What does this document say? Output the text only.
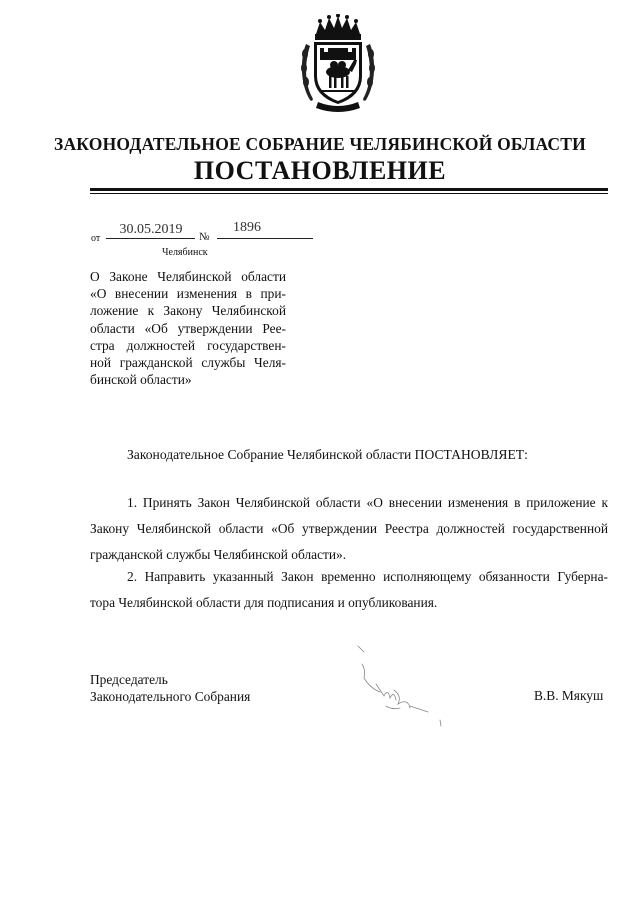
ЗАКОНОДАТЕЛЬНОЕ СОБРАНИЕ ЧЕЛЯБИНСКОЙ ОБЛАСТИ
ПОСТАНОВЛЕНИЕ
от
30.05.2019	№
1896
Челябинск
О Законе Челябинской области
«О внесении изменения в при-
ложение к Закону Челябинской
области «Об утверждении Рее-
стра должностей государствен-
ной гражданской службы Челя-
бинской области»
Законодательное Собрание Челябинской области ПОСТАНОВЛЯЕТ:
1. Принять Закон Челябинской области «О внесении изменения в приложение к
Закону Челябинской области «Об утверждении Реестра должностей государственной
гражданской службы Челябинской области».
2. Направить указанный Закон временно исполняющему обязанности Губерна-
тора Челябинской области для подписания и опубликования.
Председатель
Законодательного Собрания	В.В. Мякуш
